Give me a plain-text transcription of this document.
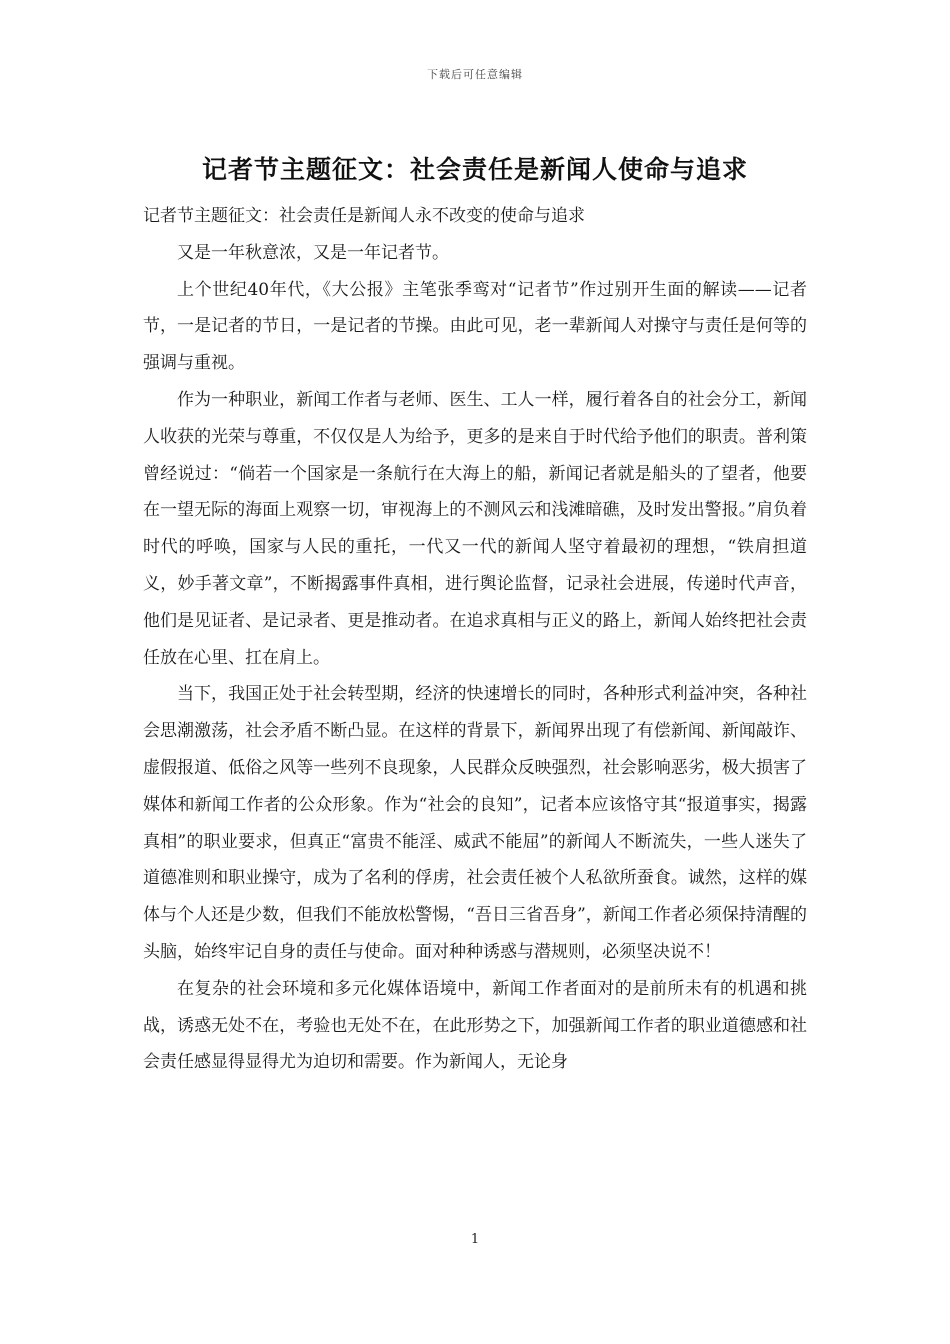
下载后可任意编辑
记者节主题征文：社会责任是新闻人使命与追求

记者节主题征文：社会责任是新闻人永不改变的使命与追求

又是一年秋意浓，又是一年记者节。

上个世纪40年代，《大公报》主笔张季鸾对“记者节”作过别开生面的解读——记者节，一是记者的节日，一是记者的节操。由此可见，老一辈新闻人对操守与责任是何等的强调与重视。

作为一种职业，新闻工作者与老师、医生、工人一样，履行着各自的社会分工，新闻人收获的光荣与尊重，不仅仅是人为给予，更多的是来自于时代给予他们的职责。普利策曾经说过：“倘若一个国家是一条航行在大海上的船，新闻记者就是船头的了望者，他要在一望无际的海面上观察一切，审视海上的不测风云和浅滩暗礁，及时发出警报。”肩负着时代的呼唤，国家与人民的重托，一代又一代的新闻人坚守着最初的理想，“铁肩担道义，妙手著文章”，不断揭露事件真相，进行舆论监督，记录社会进展，传递时代声音，他们是见证者、是记录者、更是推动者。在追求真相与正义的路上，新闻人始终把社会责任放在心里、扛在肩上。

当下，我国正处于社会转型期，经济的快速增长的同时，各种形式利益冲突，各种社会思潮激荡，社会矛盾不断凸显。在这样的背景下，新闻界出现了有偿新闻、新闻敲诈、虚假报道、低俗之风等一些列不良现象，人民群众反映强烈，社会影响恶劣，极大损害了媒体和新闻工作者的公众形象。作为“社会的良知”，记者本应该恪守其“报道事实，揭露真相”的职业要求，但真正“富贵不能淫、威武不能屈”的新闻人不断流失，一些人迷失了道德准则和职业操守，成为了名利的俘虏，社会责任被个人私欲所蚕食。诚然，这样的媒体与个人还是少数，但我们不能放松警惕，“吾日三省吾身”，新闻工作者必须保持清醒的头脑，始终牢记自身的责任与使命。面对种种诱惑与潜规则，必须坚决说不！

在复杂的社会环境和多元化媒体语境中，新闻工作者面对的是前所未有的机遇和挑战，诱惑无处不在，考验也无处不在，在此形势之下，加强新闻工作者的职业道德感和社会责任感显得显得尤为迫切和需要。作为新闻人，无论身

1
